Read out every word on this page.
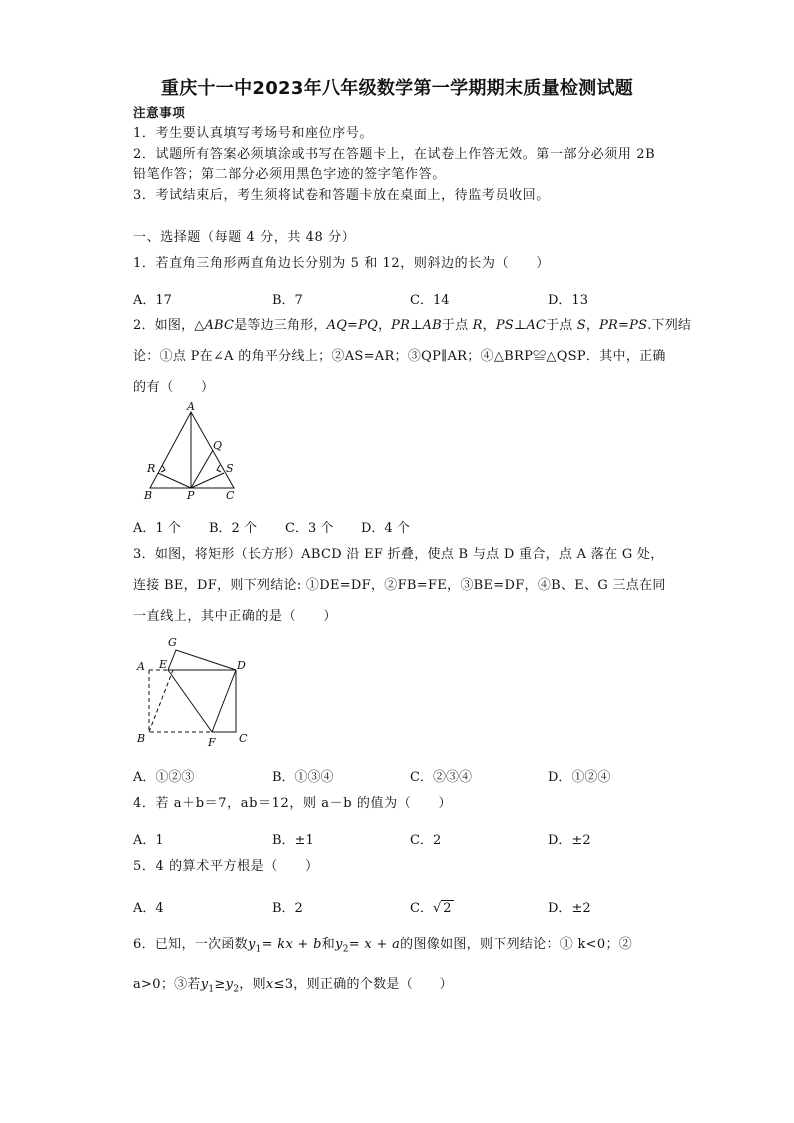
重庆十一中2023年八年级数学第一学期期末质量检测试题
注意事项
1．考生要认真填写考场号和座位序号。
2．试题所有答案必须填涂或书写在答题卡上，在试卷上作答无效。第一部分必须用 2B
铅笔作答；第二部分必须用黑色字迹的签字笔作答。
3．考试结束后，考生须将试卷和答题卡放在桌面上，待监考员收回。
一、选择题（每题 4 分，共 48 分）
1．若直角三角形两直角边长分别为 5 和 12，则斜边的长为（　　）
A．17	B．7	C．14	D．13
2．如图，△ABC是等边三角形，AQ=PQ，PR⊥AB于点 R，PS⊥AC于点 S，PR=PS.下列结
论：①点 P在∠A 的角平分线上；②AS=AR；③QP∥AR；④△BRP≌△QSP．其中，正确
的有（　　）
A
Q
R	S
B	P	C
A．1 个 B．2 个 C．3 个 D．4 个
3．如图，将矩形（长方形）ABCD 沿 EF 折叠，使点 B 与点 D 重合，点 A 落在 G 处，
连接 BE，DF，则下列结论: ①DE=DF，②FB=FE，③BE=DF，④B、E、G 三点在同
一直线上，其中正确的是（　　）
G
A E	D
B	F C
A．①②③	B．①③④	C．②③④	D．①②④
4．若 a＋b＝7，ab＝12，则 a－b 的值为（　　）
A．1	B．±1	C．2	D．±2
5．4 的算术平方根是（　　）
A．4	B．2	C．√ 2	D．±2
6．已知，一次函数$y_1=$ kx + b和$y_2= x + a$的图像如图，则下列结论：① k<0；②
a>0；③若$y_1\ge y_2$，则x≤3，则正确的个数是（　　）
